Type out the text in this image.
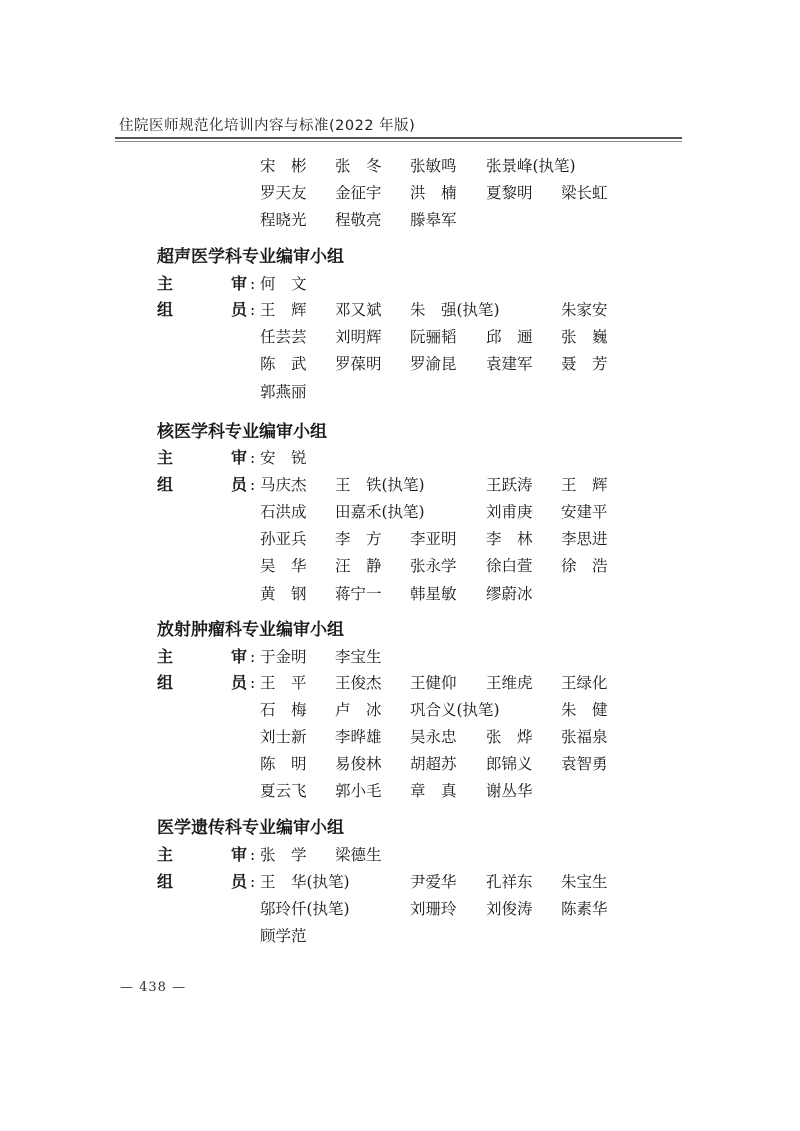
住院医师规范化培训内容与标准(2022 年版)
宋　彬 张　冬 张敏鸣 张景峰(执笔)
罗天友 金征宇 洪　楠 夏黎明 梁长虹
程晓光 程敬亮 滕皋军
超声医学科专业编审小组
主	审 : 何　文
组	员 : 王　辉 邓又斌 朱　强(执笔)	朱家安
任芸芸 刘明辉 阮骊韬 邱　逦 张　巍
陈　武 罗葆明 罗渝昆 袁建军 聂　芳
郭燕丽
核医学科专业编审小组
主	审 : 安　锐
组	员 : 马庆杰 王　铁(执笔)	王跃涛 王　辉
石洪成 田嘉禾(执笔)	刘甫庚 安建平
孙亚兵 李　方 李亚明 李　林 李思进
吴　华 汪　静 张永学 徐白萱 徐　浩
黄　钢 蒋宁一 韩星敏 缪蔚冰
放射肿瘤科专业编审小组
主	审 : 于金明 李宝生
组	员 : 王　平 王俊杰 王健仰 王维虎 王绿化
石　梅 卢　冰 巩合义(执笔)	朱　健
刘士新 李晔雄 吴永忠 张　烨 张福泉
陈　明 易俊林 胡超苏 郎锦义 袁智勇
夏云飞 郭小毛 章　真 谢丛华
医学遗传科专业编审小组
主	审 : 张　学 梁德生
组	员 : 王　华(执笔)	尹爱华 孔祥东 朱宝生
邬玲仟(执笔)	刘珊玲 刘俊涛 陈素华
顾学范
— 438 —
